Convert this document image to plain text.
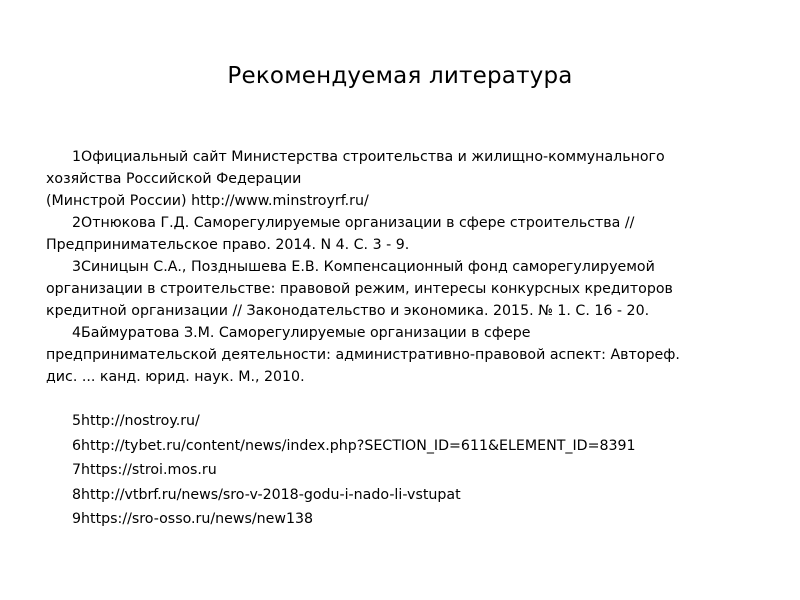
Рекомендуемая литература

1Официальный сайт Министерства строительства и жилищно-коммунального
хозяйства Российской Федерации
(Минстрой России) http://www.minstroyrf.ru/

2Отнюкова Г.Д. Саморегулируемые организации в сфере строительства //
Предпринимательское право. 2014. N 4. С. 3 - 9.

3Синицын С.А., Позднышева Е.В. Компенсационный фонд саморегулируемой
организации в строительстве: правовой режим, интересы конкурсных кредиторов
кредитной организации // Законодательство и экономика. 2015. № 1. С. 16 - 20.

4Баймуратова З.М. Саморегулируемые организации в сфере
предпринимательской деятельности: административно-правовой аспект: Автореф.
дис. ... канд. юрид. наук. М., 2010.

5http://nostroy.ru/

6http://tybet.ru/content/news/index.php?SECTION_ID=611&ELEMENT_ID=8391

7https://stroi.mos.ru

8http://vtbrf.ru/news/sro-v-2018-godu-i-nado-li-vstupat

9https://sro-osso.ru/news/new138
